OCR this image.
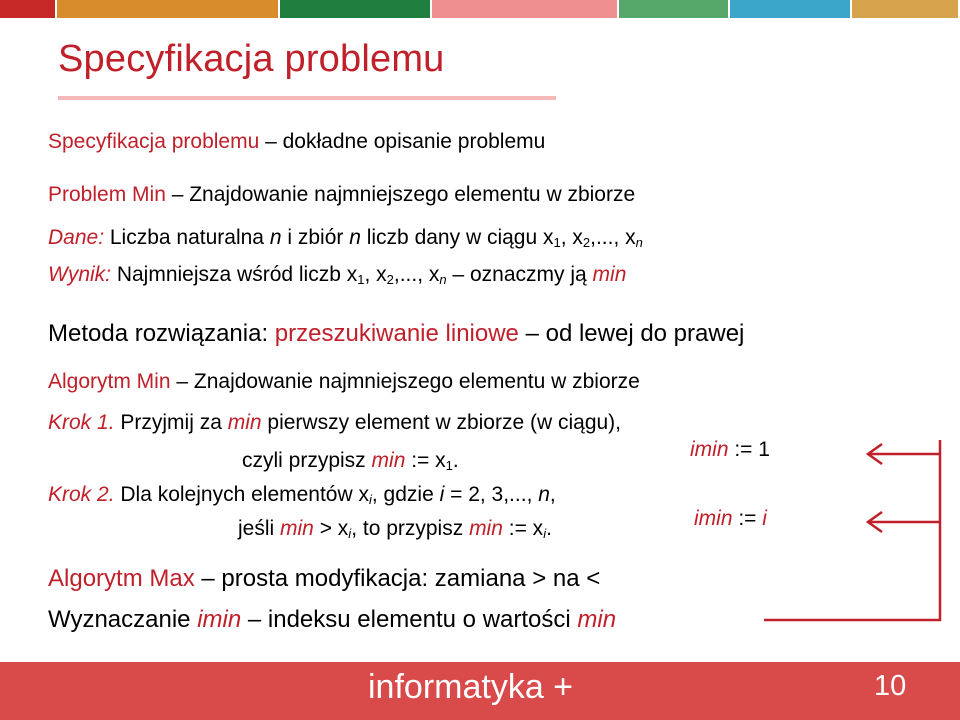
Specyfikacja problemu
Specyfikacja problemu – dokładne opisanie problemu
Problem Min – Znajdowanie najmniejszego elementu w zbiorze
Dane: Liczba naturalna n i zbiór n liczb dany w ciągu $x_1$, $x_2$,..., $x_n$
Wynik: Najmniejsza wśród liczb $x_1$, $x_2$,..., $x_n$ – oznaczmy ją min
Metoda rozwiązania: przeszukiwanie liniowe – od lewej do prawej
Algorytm Min – Znajdowanie najmniejszego elementu w zbiorze
Krok 1. Przyjmij za min pierwszy element w zbiorze (w ciągu),
czyli przypisz min := $x_1$.	imin := 1
Krok 2. Dla kolejnych elementów $x_i$, gdzie i = 2, 3,..., n,
jeśli $\min > x_i$, to przypisz min := $x_i$.	imin := i
Algorytm Max – prosta modyfikacja: zamiana > na <
Wyznaczanie imin – indeksu elementu o wartości min
informatyka +	10
